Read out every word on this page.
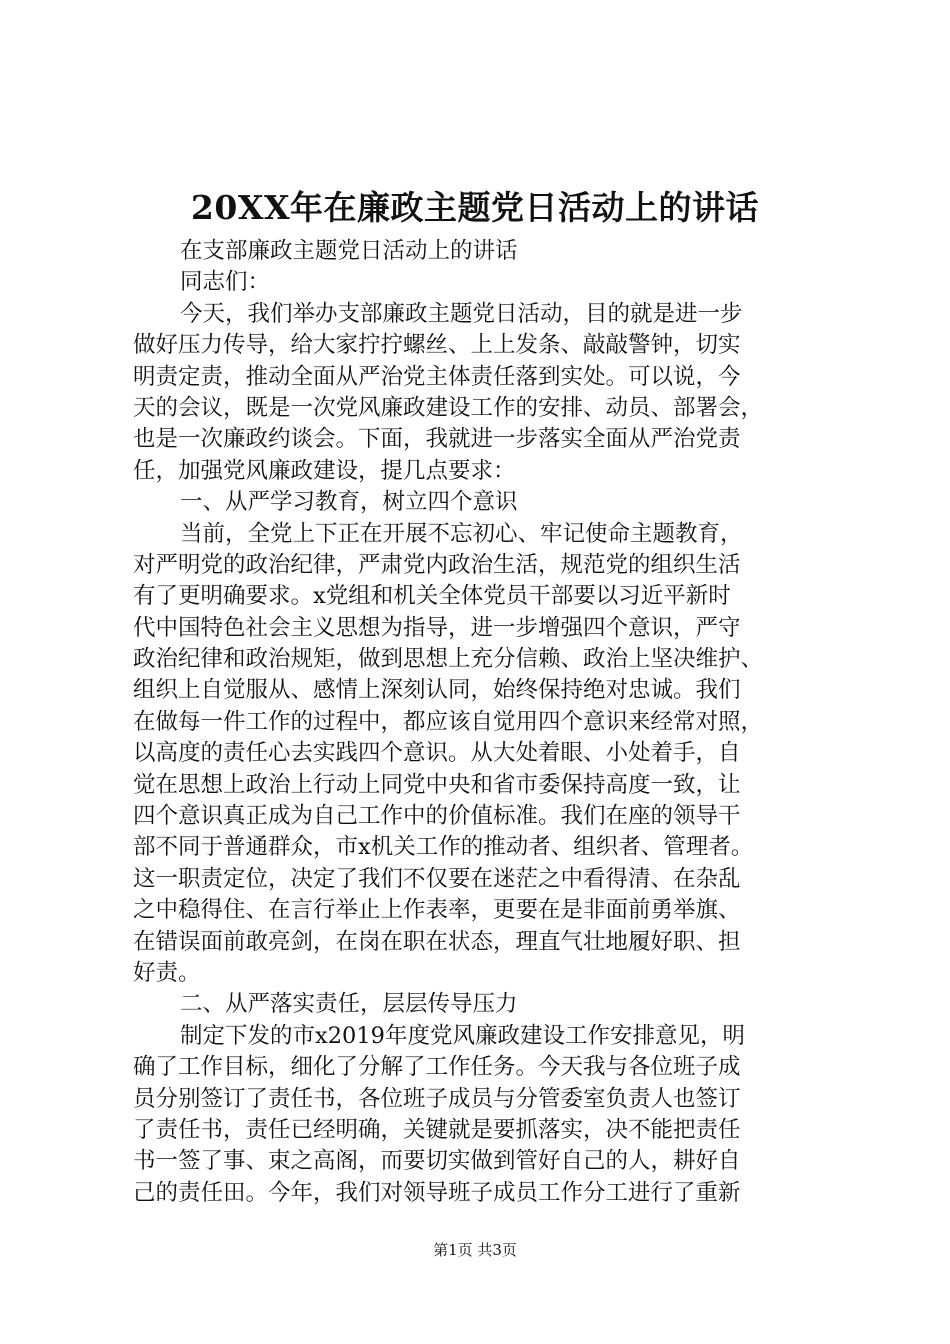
20XX年在廉政主题党日活动上的讲话
在支部廉政主题党日活动上的讲话
同志们：
今天，我们举办支部廉政主题党日活动，目的就是进一步
做好压力传导，给大家拧拧螺丝、上上发条、敲敲警钟，切实
明责定责，推动全面从严治党主体责任落到实处。可以说，今
天的会议，既是一次党风廉政建设工作的安排、动员、部署会，
也是一次廉政约谈会。下面，我就进一步落实全面从严治党责
任，加强党风廉政建设，提几点要求：
一、从严学习教育，树立四个意识
当前，全党上下正在开展不忘初心、牢记使命主题教育，
对严明党的政治纪律，严肃党内政治生活，规范党的组织生活
有了更明确要求。x党组和机关全体党员干部要以习近平新时
代中国特色社会主义思想为指导，进一步增强四个意识，严守
政治纪律和政治规矩，做到思想上充分信赖、政治上坚决维护、
组织上自觉服从、感情上深刻认同，始终保持绝对忠诚。我们
在做每一件工作的过程中，都应该自觉用四个意识来经常对照，
以高度的责任心去实践四个意识。从大处着眼、小处着手，自
觉在思想上政治上行动上同党中央和省市委保持高度一致，让
四个意识真正成为自己工作中的价值标准。我们在座的领导干
部不同于普通群众，市x机关工作的推动者、组织者、管理者。
这一职责定位，决定了我们不仅要在迷茫之中看得清、在杂乱
之中稳得住、在言行举止上作表率，更要在是非面前勇举旗、
在错误面前敢亮剑，在岗在职在状态，理直气壮地履好职、担
好责。
二、从严落实责任，层层传导压力
制定下发的市x2019年度党风廉政建设工作安排意见，明
确了工作目标，细化了分解了工作任务。今天我与各位班子成
员分别签订了责任书，各位班子成员与分管委室负责人也签订
了责任书，责任已经明确，关键就是要抓落实，决不能把责任
书一签了事、束之高阁，而要切实做到管好自己的人，耕好自
己的责任田。今年，我们对领导班子成员工作分工进行了重新
第1页 共3页
